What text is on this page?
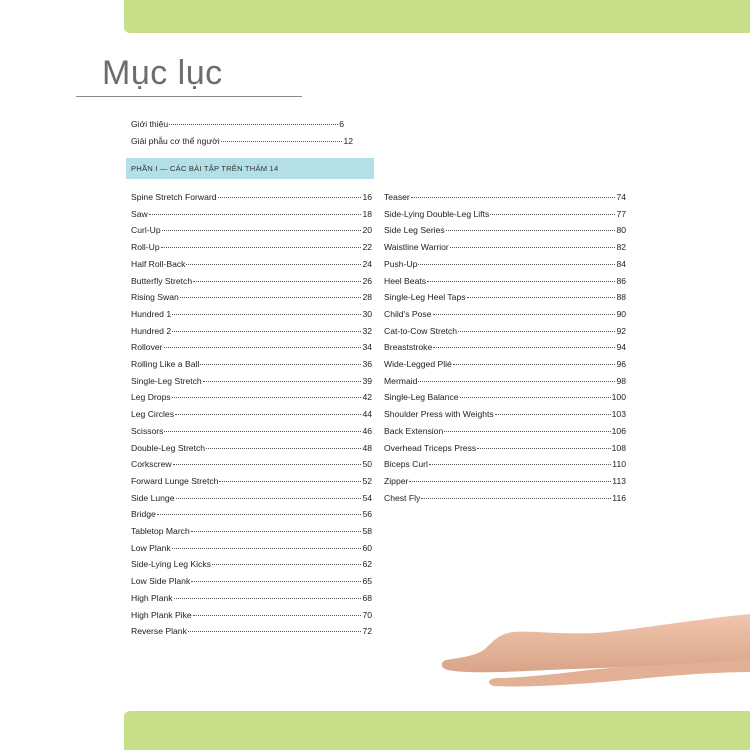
Mục lục
Giới thiệu	6
Giải phẫu cơ thể người	12
PHẦN I — CÁC BÀI TẬP TRÊN THẢM 14
Spine Stretch Forward	16
Saw	18
Curl-Up	20
Roll-Up	22
Half Roll-Back	24
Butterfly Stretch	26
Rising Swan	28
Hundred 1	30
Hundred 2	32
Rollover	34
Rolling Like a Ball	36
Single-Leg Stretch	39
Leg Drops	42
Leg Circles	44
Scissors	46
Double-Leg Stretch	48
Corkscrew	50
Forward Lunge Stretch	52
Side Lunge	54
Bridge	56
Tabletop March	58
Low Plank	60
Side-Lying Leg Kicks	62
Low Side Plank	65
High Plank	68
High Plank Pike	70
Reverse Plank	72
Teaser	74
Side-Lying Double-Leg Lifts	77
Side Leg Series	80
Waistline Warrior	82
Push-Up	84
Heel Beats	86
Single-Leg Heel Taps	88
Child's Pose	90
Cat-to-Cow Stretch	92
Breaststroke	94
Wide-Legged Plié	96
Mermaid	98
Single-Leg Balance	100
Shoulder Press with Weights	103
Back Extension	106
Overhead Triceps Press	108
Biceps Curl	110
Zipper	113
Chest Fly	116
